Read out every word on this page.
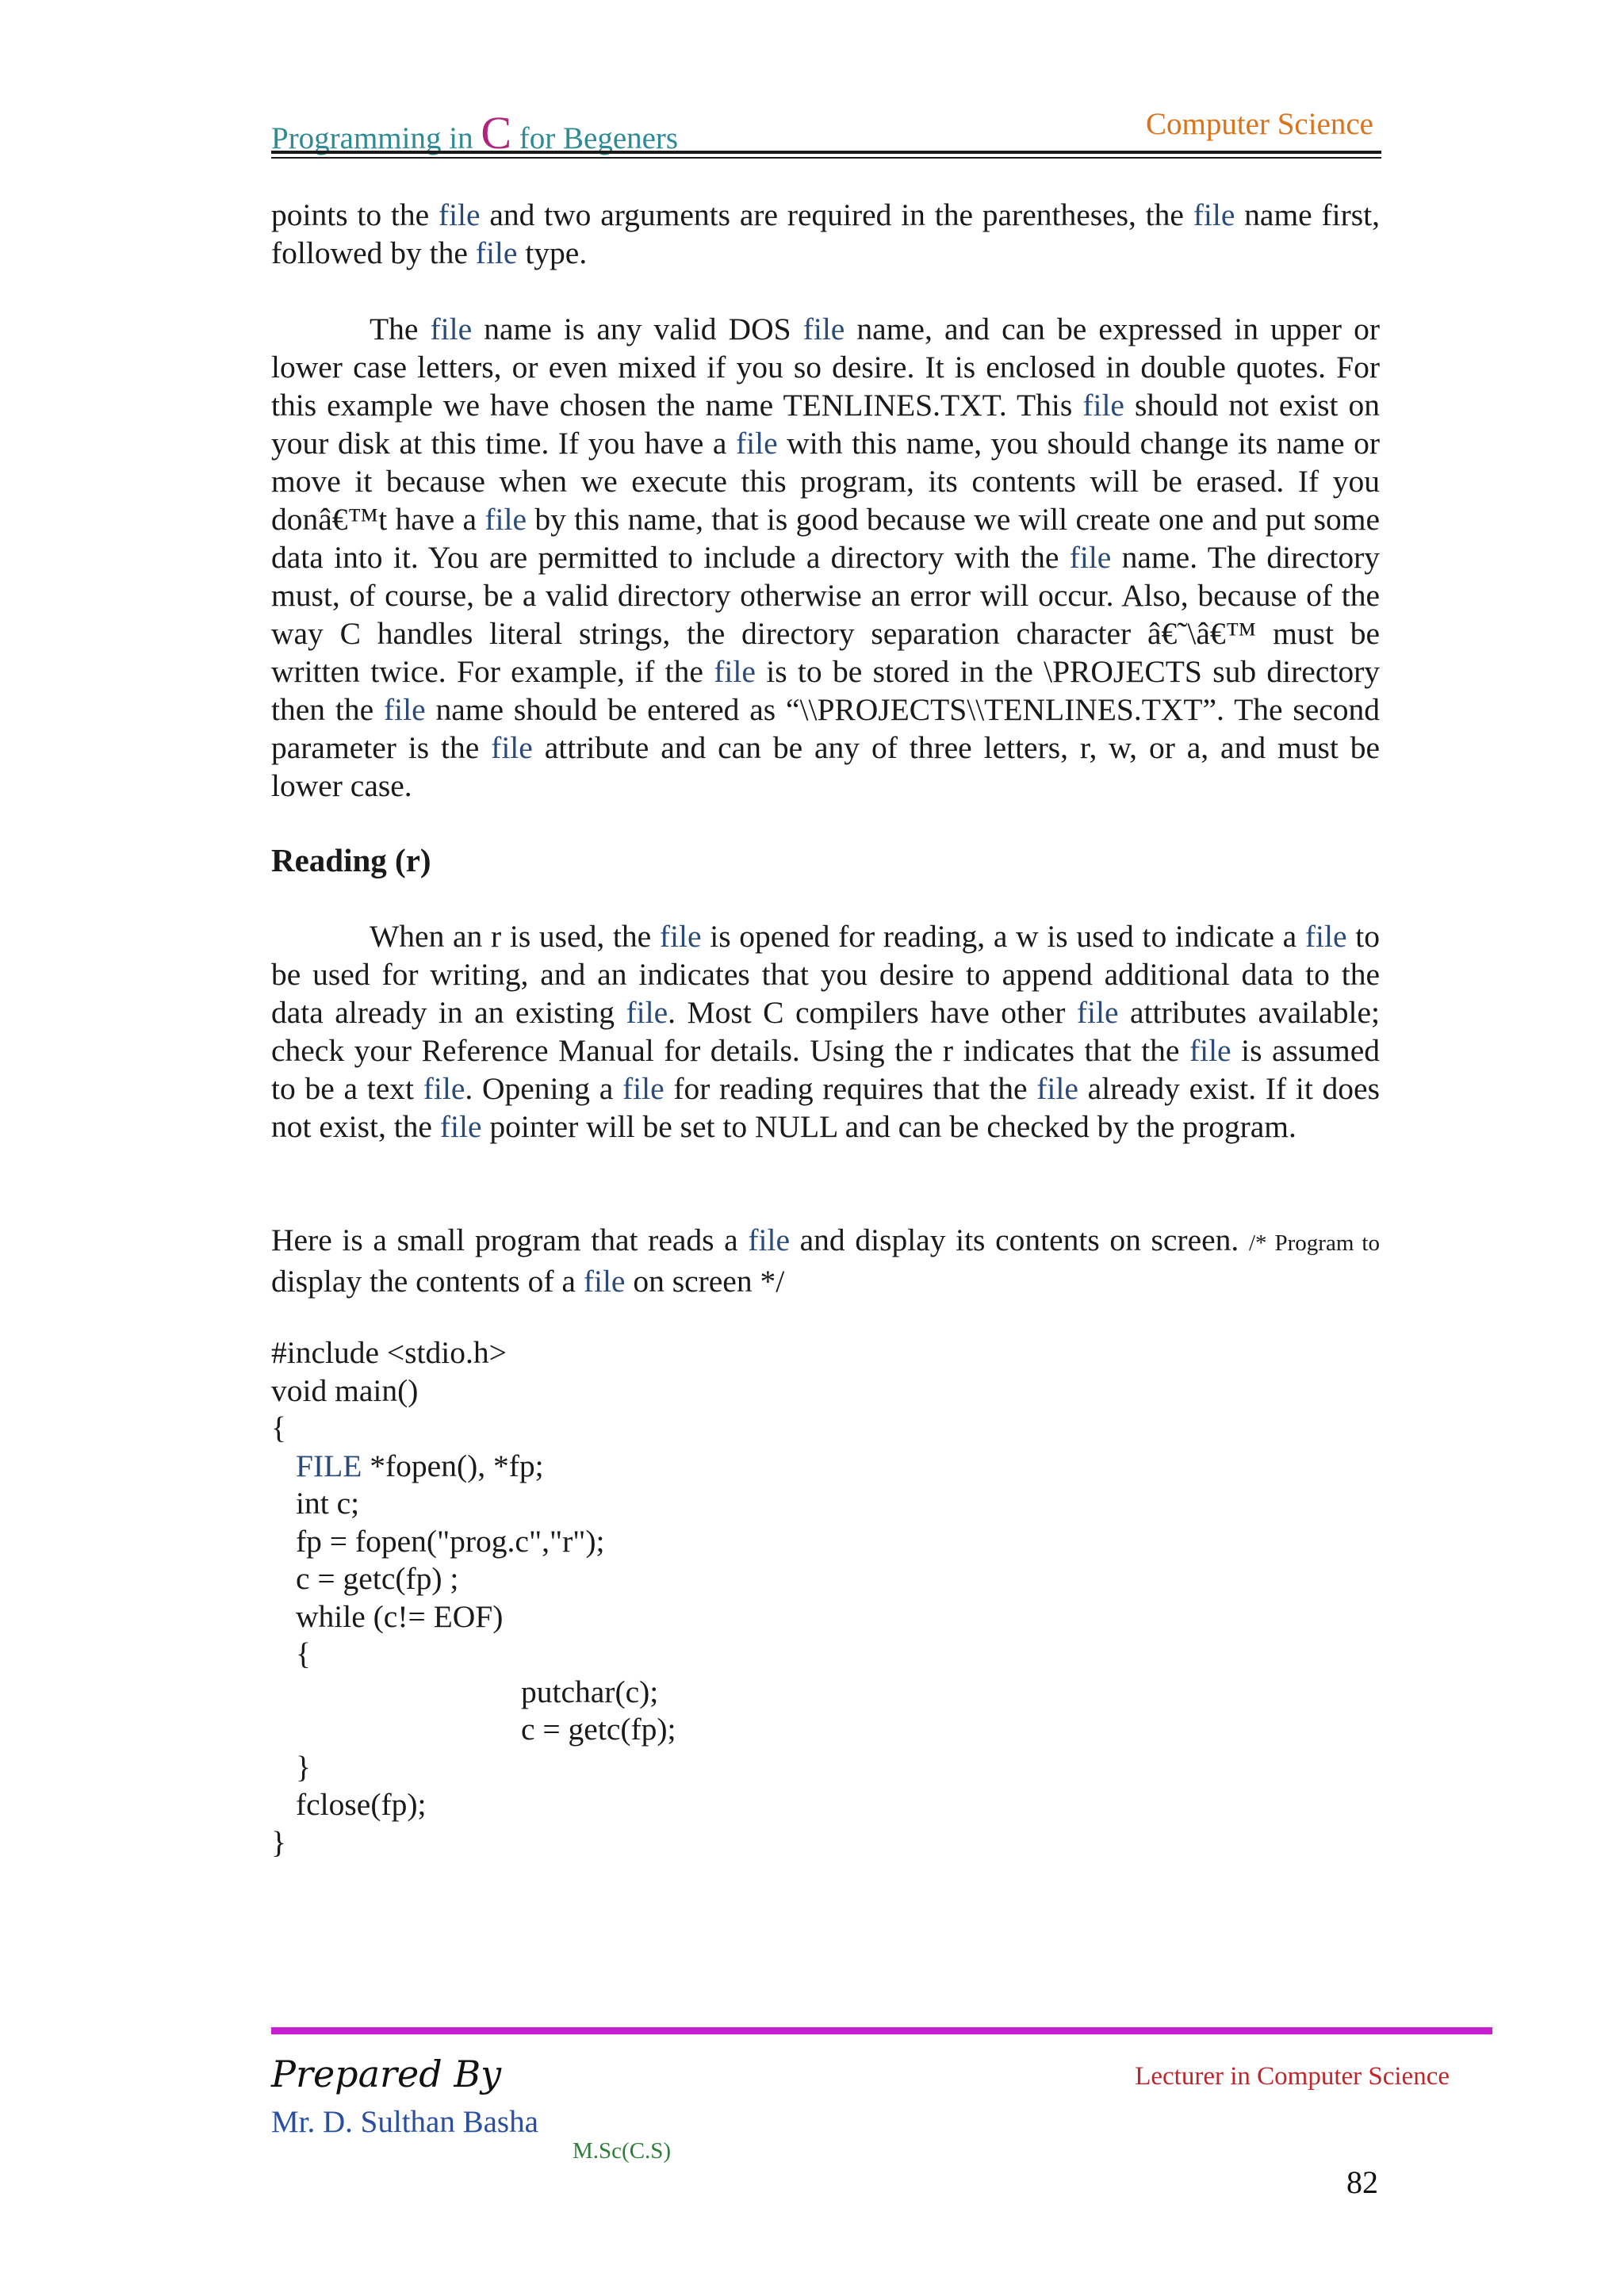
Programming in C for Begeners	Computer Science

points to the file and two arguments are required in the parentheses, the file name first, followed by the file type.

The file name is any valid DOS file name, and can be expressed in upper or lower case letters, or even mixed if you so desire. It is enclosed in double quotes. For this example we have chosen the name TENLINES.TXT. This file should not exist on your disk at this time. If you have a file with this name, you should change its name or move it because when we execute this program, its contents will be erased. If you donâ€™t have a file by this name, that is good because we will create one and put some data into it. You are permitted to include a directory with the file name. The directory must, of course, be a valid directory otherwise an error will occur. Also, because of the way C handles literal strings, the directory separation character â€˜\â€™ must be written twice. For example, if the file is to be stored in the \PROJECTS sub directory then the file name should be entered as “\\PROJECTS\\TENLINES.TXT”. The second parameter is the file attribute and can be any of three letters, r, w, or a, and must be lower case.

Reading (r)

When an r is used, the file is opened for reading, a w is used to indicate a file to be used for writing, and an indicates that you desire to append additional data to the data already in an existing file. Most C compilers have other file attributes available; check your Reference Manual for details. Using the r indicates that the file is assumed to be a text file. Opening a file for reading requires that the file already exist. If it does not exist, the file pointer will be set to NULL and can be checked by the program.

Here is a small program that reads a file and display its contents on screen. /* Program to display the contents of a file on screen */

#include <stdio.h>
void main()
{
FILE *fopen(), *fp;
int c;
fp = fopen("prog.c","r");
c = getc(fp) ;
while (c!= EOF)
{
putchar(c);
c = getc(fp);
}
fclose(fp);
}
Prepared By
Mr. D. Sulthan Basha
M.Sc(C.S)
Lecturer in Computer Science
82
